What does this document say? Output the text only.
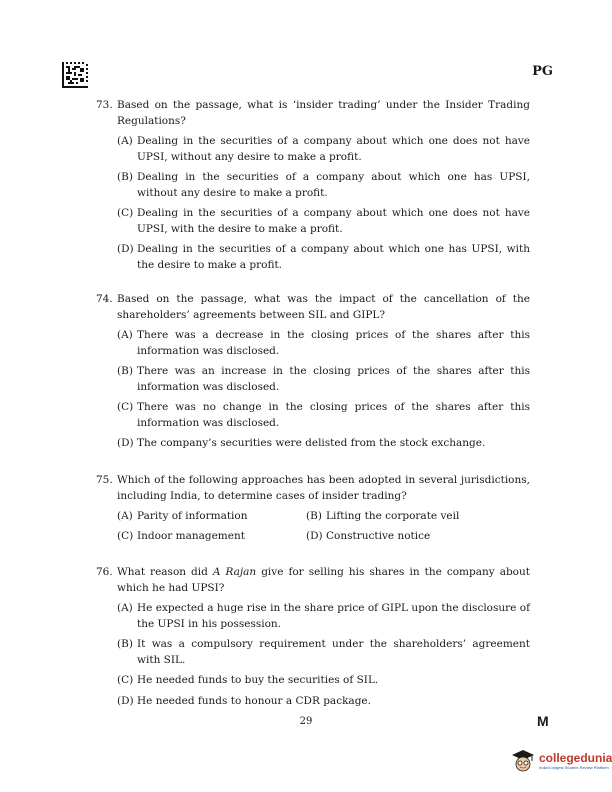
PG
73. Based on the passage, what is ‘insider trading’ under the Insider Trading Regulations?
(A) Dealing in the securities of a company about which one does not have UPSI, without any desire to make a profit.
(B) Dealing in the securities of a company about which one has UPSI, without any desire to make a profit.
(C) Dealing in the securities of a company about which one does not have UPSI, with the desire to make a profit.
(D) Dealing in the securities of a company about which one has UPSI, with the desire to make a profit.
74. Based on the passage, what was the impact of the cancellation of the shareholders’ agreements between SIL and GIPL?
(A) There was a decrease in the closing prices of the shares after this information was disclosed.
(B) There was an increase in the closing prices of the shares after this information was disclosed.
(C) There was no change in the closing prices of the shares after this information was disclosed.
(D) The company’s securities were delisted from the stock exchange.
75. Which of the following approaches has been adopted in several jurisdictions, including India, to determine cases of insider trading?
(A) Parity of information	(B) Lifting the corporate veil
(C) Indoor management	(D) Constructive notice
76. What reason did A Rajan give for selling his shares in the company about which he had UPSI?
(A) He expected a huge rise in the share price of GIPL upon the disclosure of the UPSI in his possession.
(B) It was a compulsory requirement under the shareholders’ agreement with SIL.
(C) He needed funds to buy the securities of SIL.
(D) He needed funds to honour a CDR package.
29	M
collegedunia
India's largest Student Review Platform
